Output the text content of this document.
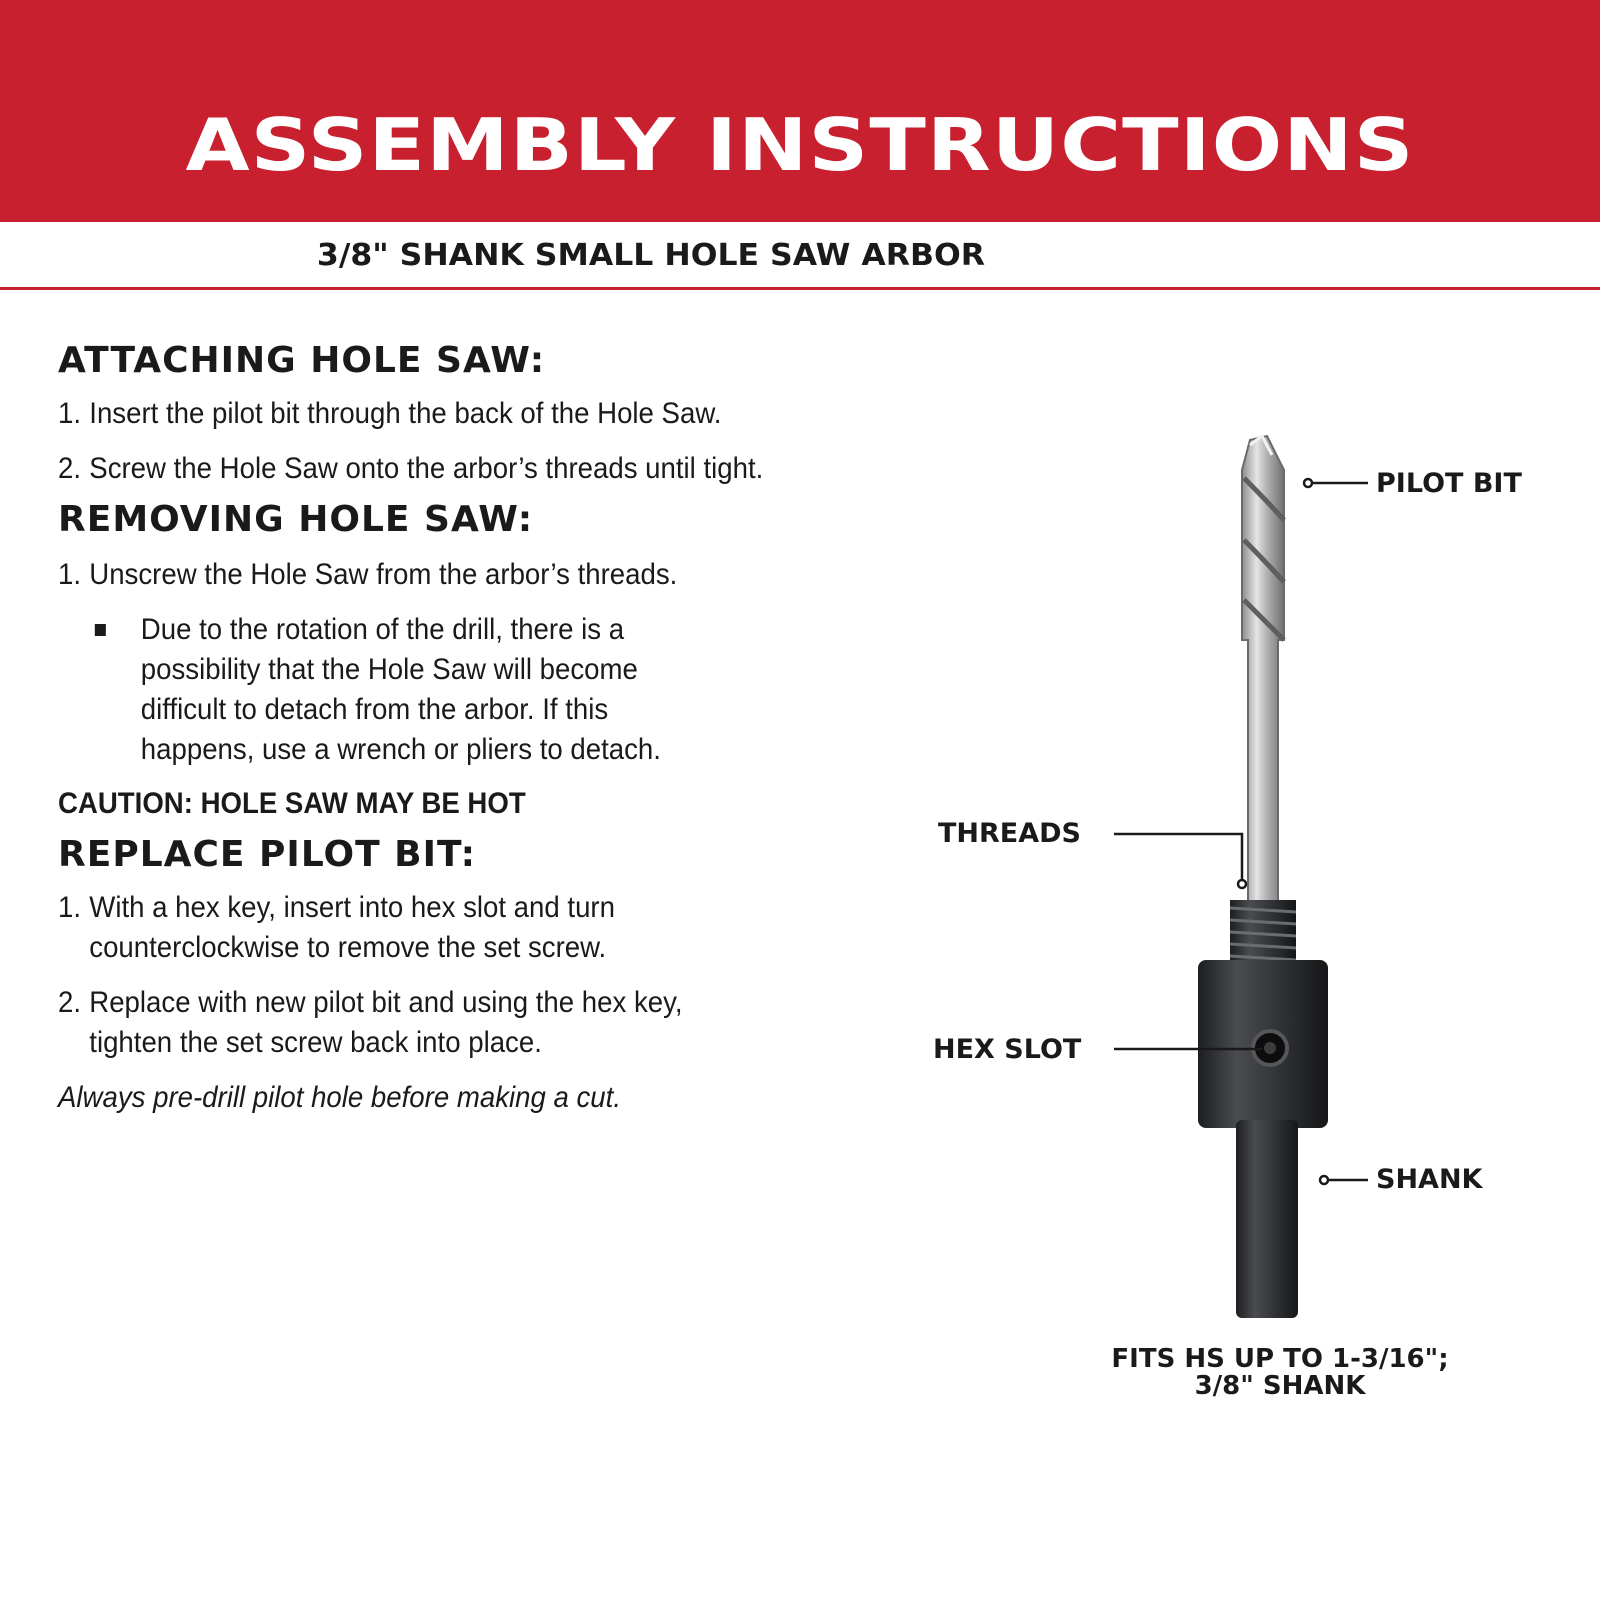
ASSEMBLY INSTRUCTIONS
3/8" SHANK SMALL HOLE SAW ARBOR
ATTACHING HOLE SAW:

1. Insert the pilot bit through the back of the Hole Saw.

2. Screw the Hole Saw onto the arbor’s threads until tight.

REMOVING HOLE SAW:

1. Unscrew the Hole Saw from the arbor’s threads.

Due to the rotation of the drill, there is a
possibility that the Hole Saw will become
difficult to detach from the arbor. If this
happens, use a wrench or pliers to detach.

CAUTION: HOLE SAW MAY BE HOT

REPLACE PILOT BIT:

1. With a hex key, insert into hex slot and turn
counterclockwise to remove the set screw.

2. Replace with new pilot bit and using the hex key,
tighten the set screw back into place.

Always pre-drill pilot hole before making a cut.

PILOT BIT
THREADS
HEX SLOT
SHANK
FITS HS UP TO 1-3/16";
3/8" SHANK
